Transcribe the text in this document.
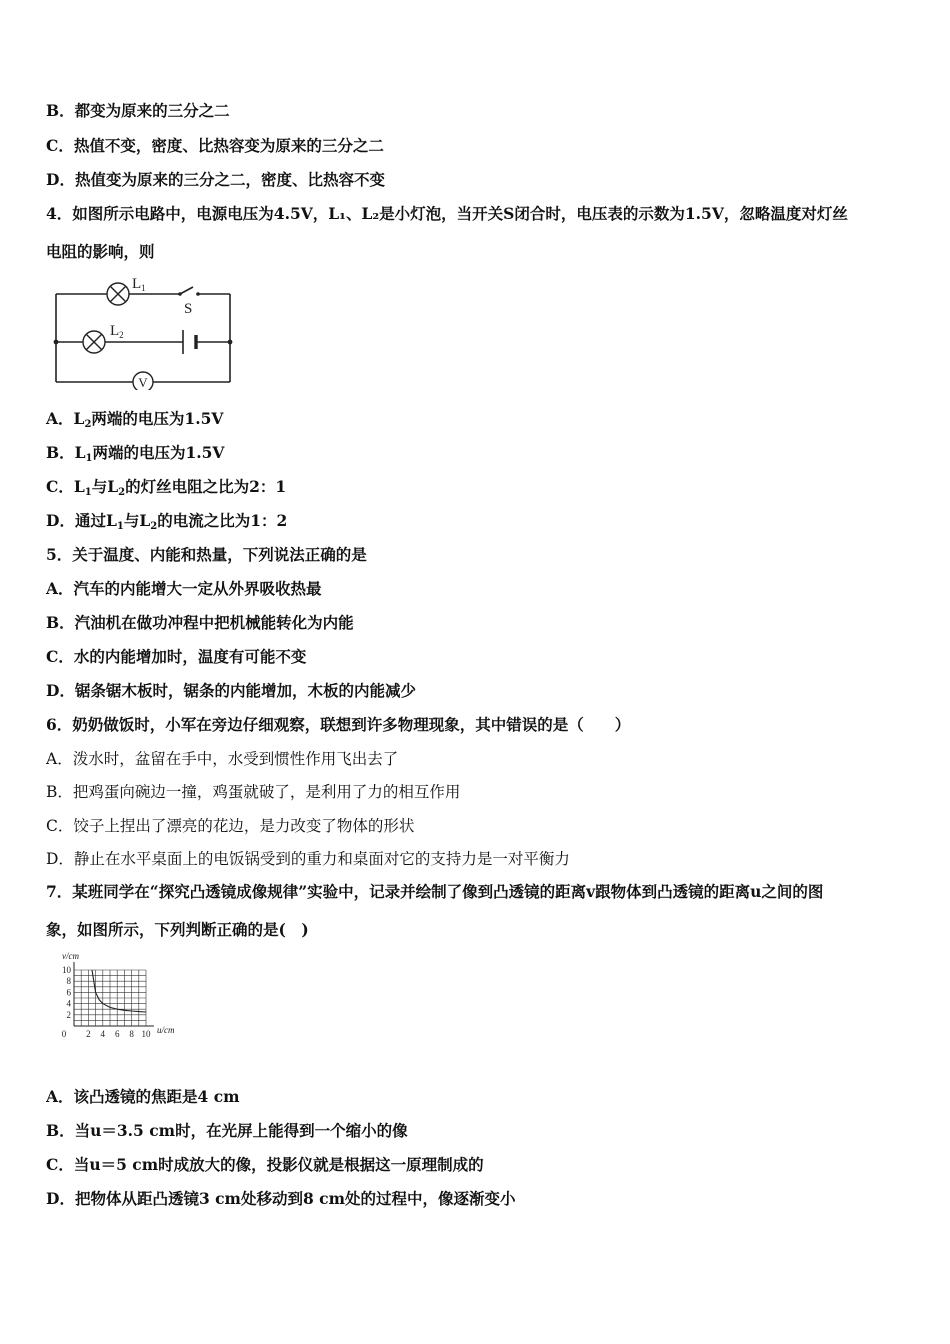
B．都变为原来的三分之二
C．热值不变，密度、比热容变为原来的三分之二
D．热值变为原来的三分之二，密度、比热容不变
4．如图所示电路中，电源电压为4.5V，L₁、L₂是小灯泡，当开关S闭合时，电压表的示数为1.5V，忽略温度对灯丝
电阻的影响，则
V
$L_1$
S
$L_2$
A．$L_2$两端的电压为1.5V
B．$L_1$两端的电压为1.5V
C．$L_1$与$L_2$的灯丝电阻之比为2：1
D．通过$L_1$与$L_2$的电流之比为1：2
5．关于温度、内能和热量，下列说法正确的是
A．汽车的内能增大一定从外界吸收热最
B．汽油机在做功冲程中把机械能转化为内能
C．水的内能增加时，温度有可能不变
D．锯条锯木板时，锯条的内能增加，木板的内能减少
6．奶奶做饭时，小军在旁边仔细观察，联想到许多物理现象，其中错误的是（　　）
A．泼水时，盆留在手中，水受到惯性作用飞出去了
B．把鸡蛋向碗边一撞，鸡蛋就破了，是利用了力的相互作用
C．饺子上捏出了漂亮的花边，是力改变了物体的形状
D．静止在水平桌面上的电饭锅受到的重力和桌面对它的支持力是一对平衡力
7．某班同学在“探究凸透镜成像规律”实验中，记录并绘制了像到凸透镜的距离v跟物体到凸透镜的距离u之间的图
象，如图所示，下列判断正确的是(　)
0 2 4 6 8 10
2
4
6
8
10
v/cm
u/cm
A．该凸透镜的焦距是4 cm
B．当u＝3.5 cm时，在光屏上能得到一个缩小的像
C．当u＝5 cm时成放大的像，投影仪就是根据这一原理制成的
D．把物体从距凸透镜3 cm处移动到8 cm处的过程中，像逐渐变小
